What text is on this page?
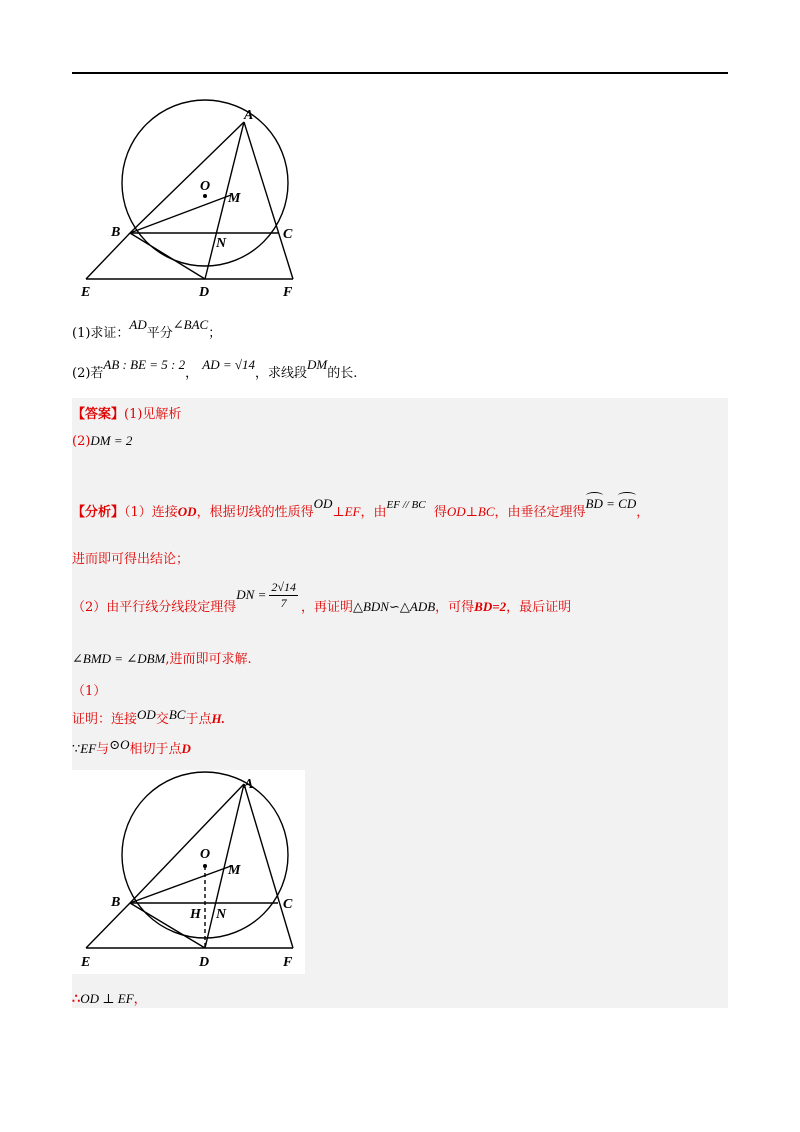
A
O
M
B	C
N
E	D	F
(1)求证：AD平分∠BAC；
(2)若AB : BE = 5 : 2， AD = √14，求线段DM的长.
【答案】(1)见解析
(2)DM = 2
【分析】（1）连接OD，根据切线的性质得OD⊥EF，由$^{EF // BC}$ 得OD⊥BC，由垂径定理得BD = CD，
进而即可得出结论；
（2）由平行线分线段定理得DN = $\frac{2√14}{7}$ ，再证明△BDN∽△ADB，可得BD=2，最后证明
∠BMD = ∠DBM,进而即可求解.
（1）
证明：连接OD交BC于点H.
∵EF与⊙O相切于点D
A
O
M
B	C
H N
E	D	F
∴OD ⊥ EF，
